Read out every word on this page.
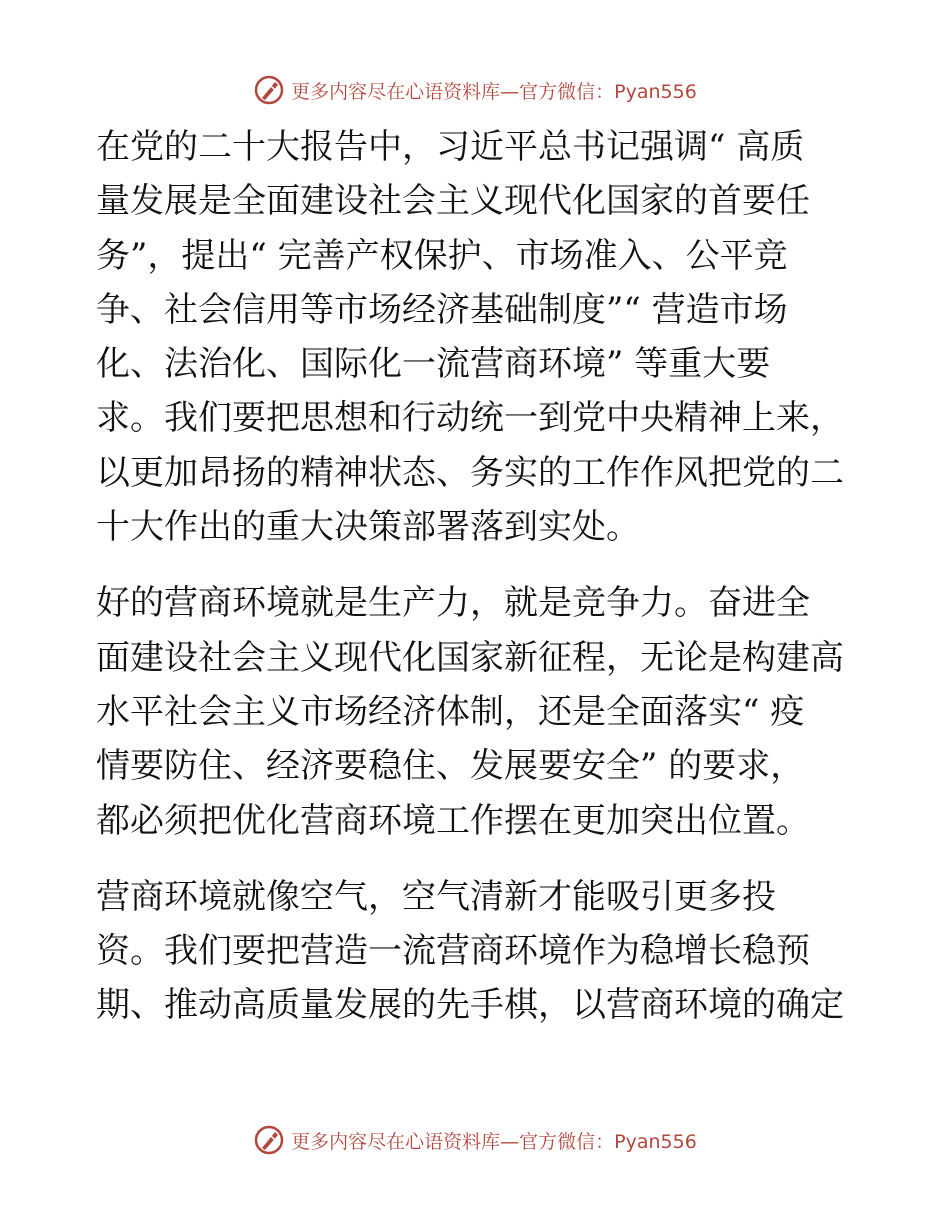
更多内容尽在心语资料库—官方微信：Pyan556

在党的二十大报告中，习近平总书记强调“ 高质
量发展是全面建设社会主义现代化国家的首要任
务”，提出“ 完善产权保护、市场准入、公平竞
争、社会信用等市场经济基础制度”“ 营造市场
化、法治化、国际化一流营商环境” 等重大要
求。我们要把思想和行动统一到党中央精神上来，
以更加昂扬的精神状态、务实的工作作风把党的二
十大作出的重大决策部署落到实处。

好的营商环境就是生产力，就是竞争力。奋进全
面建设社会主义现代化国家新征程，无论是构建高
水平社会主义市场经济体制，还是全面落实“ 疫
情要防住、经济要稳住、发展要安全” 的要求，
都必须把优化营商环境工作摆在更加突出位置。

营商环境就像空气，空气清新才能吸引更多投
资。我们要把营造一流营商环境作为稳增长稳预
期、推动高质量发展的先手棋，以营商环境的确定

更多内容尽在心语资料库—官方微信：Pyan556
